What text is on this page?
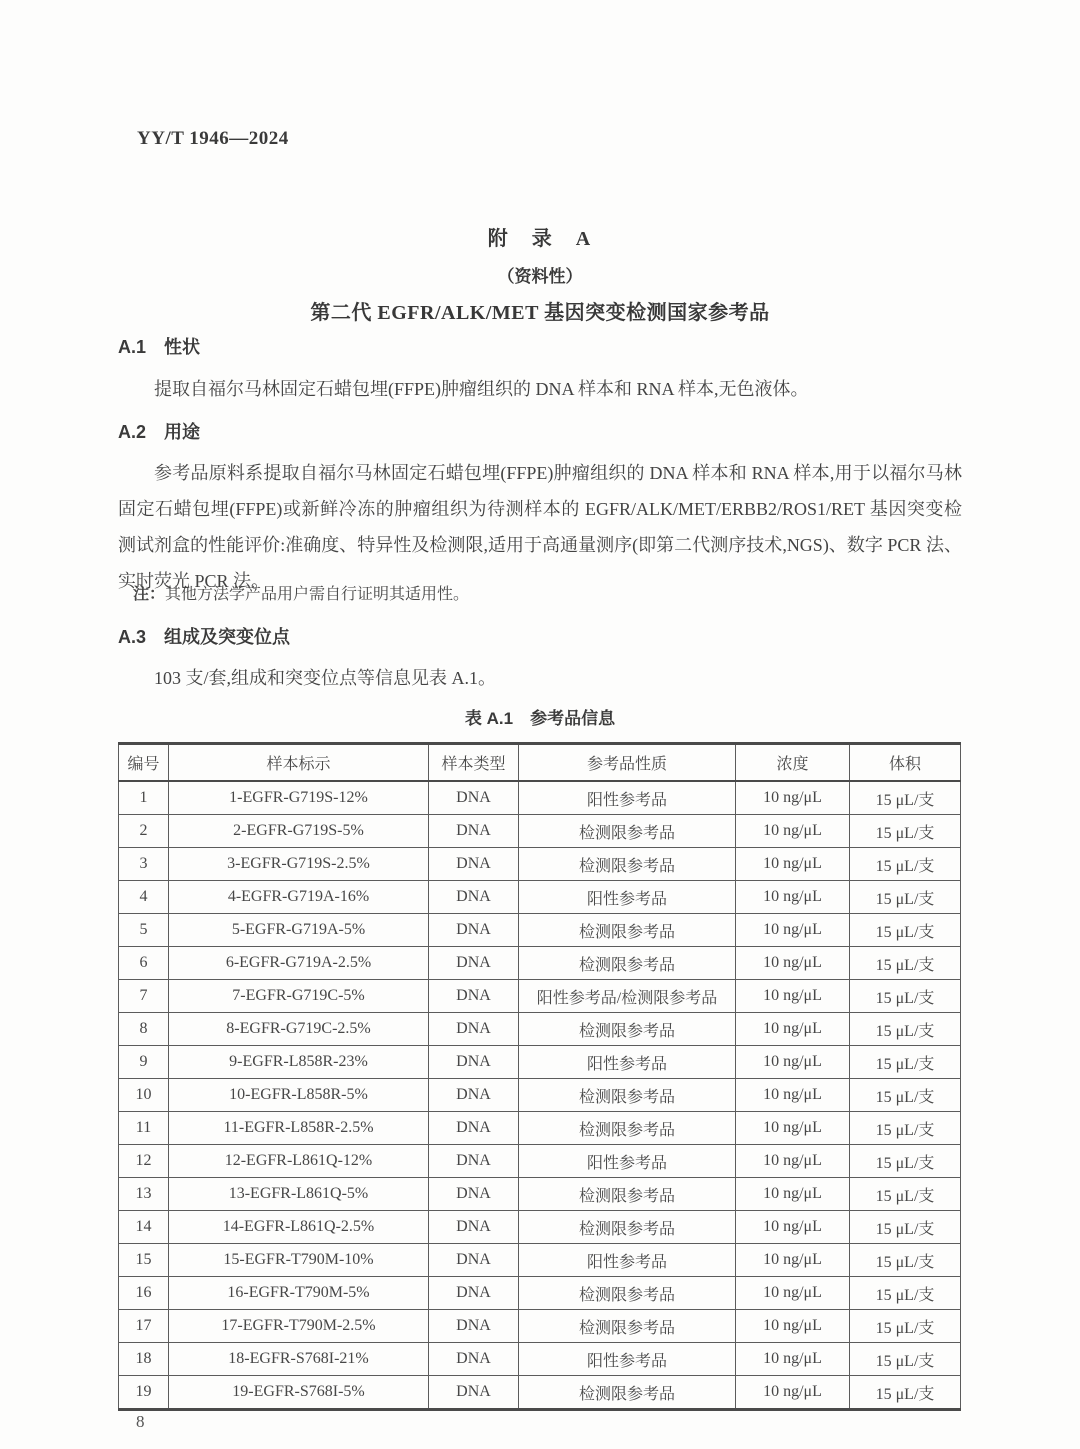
YY/T 1946—2024
附　录　A
（资料性）
第二代 EGFR/ALK/MET 基因突变检测国家参考品
A.1 性状

提取自福尔马林固定石蜡包埋(FFPE)肿瘤组织的 DNA 样本和 RNA 样本,无色液体。

A.2 用途

参考品原料系提取自福尔马林固定石蜡包埋(FFPE)肿瘤组织的 DNA 样本和 RNA 样本,用于以福尔马林固定石蜡包埋(FFPE)或新鲜冷冻的肿瘤组织为待测样本的 EGFR/ALK/MET/ERBB2/ROS1/RET 基因突变检测试剂盒的性能评价:准确度、特异性及检测限,适用于高通量测序(即第二代测序技术,NGS)、数字 PCR 法、实时荧光 PCR 法。

注：其他方法学产品用户需自行证明其适用性。
A.3 组成及突变位点

103 支/套,组成和突变位点等信息见表 A.1。

表 A.1　参考品信息
编号	样本标示	样本类型	参考品性质	浓度	体积
1	1-EGFR-G719S-12%	DNA	阳性参考品	10 ng/μL	15 μL/支
2	2-EGFR-G719S-5%	DNA	检测限参考品	10 ng/μL	15 μL/支
3	3-EGFR-G719S-2.5%	DNA	检测限参考品	10 ng/μL	15 μL/支
4	4-EGFR-G719A-16%	DNA	阳性参考品	10 ng/μL	15 μL/支
5	5-EGFR-G719A-5%	DNA	检测限参考品	10 ng/μL	15 μL/支
6	6-EGFR-G719A-2.5%	DNA	检测限参考品	10 ng/μL	15 μL/支
7	7-EGFR-G719C-5%	DNA	阳性参考品/检测限参考品	10 ng/μL	15 μL/支
8	8-EGFR-G719C-2.5%	DNA	检测限参考品	10 ng/μL	15 μL/支
9	9-EGFR-L858R-23%	DNA	阳性参考品	10 ng/μL	15 μL/支
10	10-EGFR-L858R-5%	DNA	检测限参考品	10 ng/μL	15 μL/支
11	11-EGFR-L858R-2.5%	DNA	检测限参考品	10 ng/μL	15 μL/支
12	12-EGFR-L861Q-12%	DNA	阳性参考品	10 ng/μL	15 μL/支
13	13-EGFR-L861Q-5%	DNA	检测限参考品	10 ng/μL	15 μL/支
14	14-EGFR-L861Q-2.5%	DNA	检测限参考品	10 ng/μL	15 μL/支
15	15-EGFR-T790M-10%	DNA	阳性参考品	10 ng/μL	15 μL/支
16	16-EGFR-T790M-5%	DNA	检测限参考品	10 ng/μL	15 μL/支
17	17-EGFR-T790M-2.5%	DNA	检测限参考品	10 ng/μL	15 μL/支
18	18-EGFR-S768I-21%	DNA	阳性参考品	10 ng/μL	15 μL/支
19	19-EGFR-S768I-5%	DNA	检测限参考品	10 ng/μL	15 μL/支
8
